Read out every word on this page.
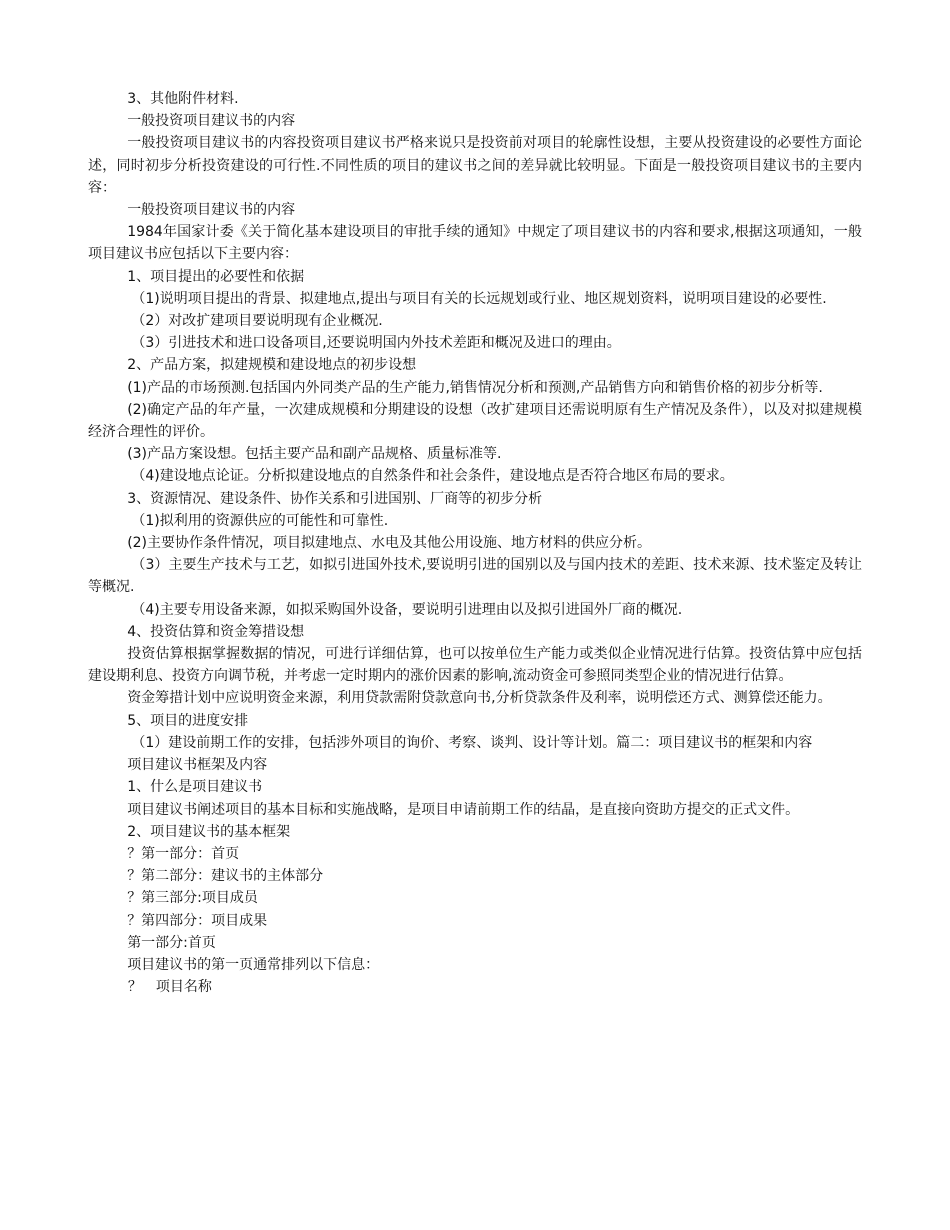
3、其他附件材料.

一般投资项目建议书的内容

一般投资项目建议书的内容投资项目建议书严格来说只是投资前对项目的轮廓性设想，主要从投资建设的必要性方面论述，同时初步分析投资建设的可行性.不同性质的项目的建议书之间的差异就比较明显。下面是一般投资项目建议书的主要内容：

一般投资项目建议书的内容

1984年国家计委《关于简化基本建设项目的审批手续的通知》中规定了项目建议书的内容和要求,根据这项通知，一般项目建议书应包括以下主要内容：

1、项目提出的必要性和依据

（1)说明项目提出的背景、拟建地点,提出与项目有关的长远规划或行业、地区规划资料，说明项目建设的必要性.

（2）对改扩建项目要说明现有企业概况.

（3）引进技术和进口设备项目,还要说明国内外技术差距和概况及进口的理由。

2、产品方案，拟建规模和建设地点的初步设想

(1)产品的市场预测.包括国内外同类产品的生产能力,销售情况分析和预测,产品销售方向和销售价格的初步分析等.

(2)确定产品的年产量，一次建成规模和分期建设的设想（改扩建项目还需说明原有生产情况及条件），以及对拟建规模经济合理性的评价。

(3)产品方案设想。包括主要产品和副产品规格、质量标准等.

（4)建设地点论证。分析拟建设地点的自然条件和社会条件，建设地点是否符合地区布局的要求。

3、资源情况、建设条件、协作关系和引进国别、厂商等的初步分析

（1)拟利用的资源供应的可能性和可靠性.

(2)主要协作条件情况，项目拟建地点、水电及其他公用设施、地方材料的供应分析。

（3）主要生产技术与工艺，如拟引进国外技术,要说明引进的国别以及与国内技术的差距、技术来源、技术鉴定及转让等概况.

（4)主要专用设备来源，如拟采购国外设备，要说明引进理由以及拟引进国外厂商的概况.

4、投资估算和资金筹措设想

投资估算根据掌握数据的情况，可进行详细估算，也可以按单位生产能力或类似企业情况进行估算。投资估算中应包括建设期利息、投资方向调节税，并考虑一定时期内的涨价因素的影响,流动资金可参照同类型企业的情况进行估算。

资金筹措计划中应说明资金来源，利用贷款需附贷款意向书,分析贷款条件及利率，说明偿还方式、测算偿还能力。

5、项目的进度安排

（1）建设前期工作的安排，包括涉外项目的询价、考察、谈判、设计等计划。篇二：项目建议书的框架和内容

项目建议书框架及内容

1、什么是项目建议书

项目建议书阐述项目的基本目标和实施战略，是项目申请前期工作的结晶，是直接向资助方提交的正式文件。

2、项目建议书的基本框架

？第一部分：首页

？第二部分：建议书的主体部分

？第三部分:项目成员

？第四部分：项目成果

第一部分:首页

项目建议书的第一页通常排列以下信息：

？　项目名称
